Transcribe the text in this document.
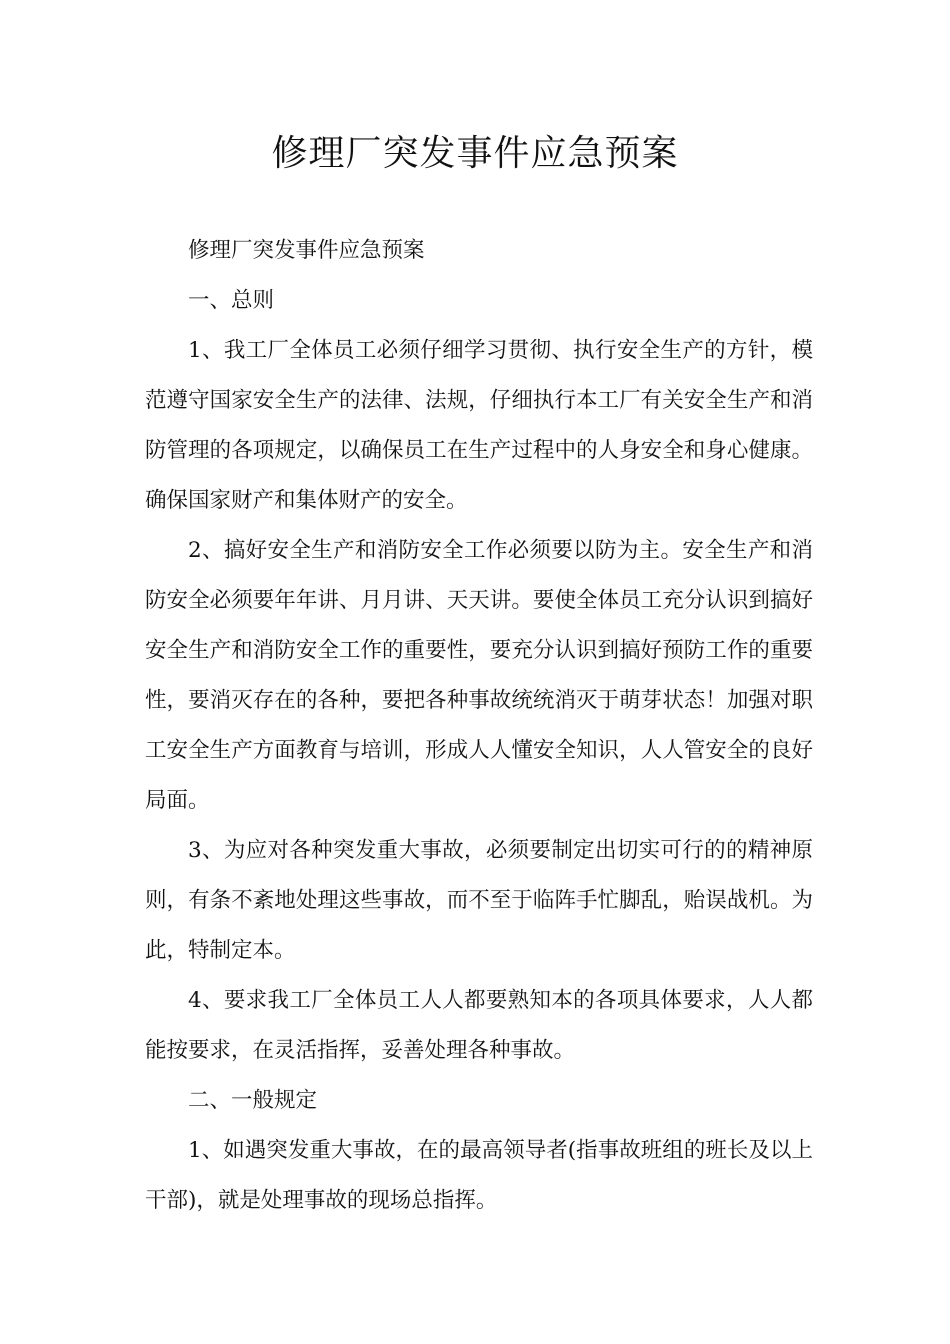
修理厂突发事件应急预案

修理厂突发事件应急预案

一、总则

1、我工厂全体员工必须仔细学习贯彻、执行安全生产的方针，模范遵守国家安全生产的法律、法规，仔细执行本工厂有关安全生产和消防管理的各项规定，以确保员工在生产过程中的人身安全和身心健康。确保国家财产和集体财产的安全。

2、搞好安全生产和消防安全工作必须要以防为主。安全生产和消防安全必须要年年讲、月月讲、天天讲。要使全体员工充分认识到搞好安全生产和消防安全工作的重要性，要充分认识到搞好预防工作的重要性，要消灭存在的各种，要把各种事故统统消灭于萌芽状态！加强对职工安全生产方面教育与培训，形成人人懂安全知识，人人管安全的良好局面。

3、为应对各种突发重大事故，必须要制定出切实可行的的精神原则，有条不紊地处理这些事故，而不至于临阵手忙脚乱，贻误战机。为此，特制定本。

4、要求我工厂全体员工人人都要熟知本的各项具体要求，人人都能按要求，在灵活指挥，妥善处理各种事故。

二、一般规定

1、如遇突发重大事故，在的最高领导者(指事故班组的班长及以上干部)，就是处理事故的现场总指挥。
